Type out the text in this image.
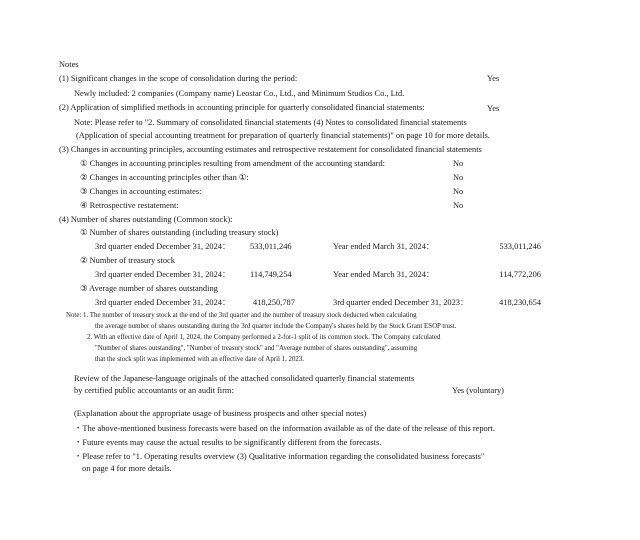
Notes
(1) Significant changes in the scope of consolidation during the period:	Yes
Newly included: 2 companies (Company name) Leostar Co., Ltd., and Minimum Studios Co., Ltd.
(2) Application of simplified methods in accounting principle for quarterly consolidated financial statements:	Yes
Note: Please refer to "2. Summary of consolidated financial statements (4) Notes to consolidated financial statements
(Application of special accounting treatment for preparation of quarterly financial statements)" on page 10 for more details.
(3) Changes in accounting principles, accounting estimates and retrospective restatement for consolidated financial statements
① Changes in accounting principles resulting from amendment of the accounting standard:	No
② Changes in accounting principles other than ①:	No
③ Changes in accounting estimates:	No
④ Retrospective restatement:	No
(4) Number of shares outstanding (Common stock):
① Number of shares outstanding (including treasury stock)
3rd quarter ended December 31, 2024： 533,011,246	Year ended March 31, 2024：	533,011,246
② Number of treasury stock
3rd quarter ended December 31, 2024： 114,749,254	Year ended March 31, 2024：	114,772,206
③ Average number of shares outstanding
3rd quarter ended December 31, 2024：	418,250,787	3rd quarter ended December 31, 2023：	418,230,654
Note: 1. The number of treasury stock at the end of the 3rd quarter and the number of treasury stock deducted when calculating
the average number of shares outstanding during the 3rd quarter include the Company's shares held by the Stock Grant ESOP trust.
2. With an effective date of April 1, 2024, the Company performed a 2-for-1 split of its common stock. The Company calculated
"Number of shares outstanding", "Number of treasury stock" and "Average number of shares outstanding", assuming
that the stock split was implemented with an effective date of April 1, 2023.
Review of the Japanese-language originals of the attached consolidated quarterly financial statements
by certified public accountants or an audit firm:	Yes (voluntary)
(Explanation about the appropriate usage of business prospects and other special notes)
・The above-mentioned business forecasts were based on the information available as of the date of the release of this report.
・Future events may cause the actual results to be significantly different from the forecasts.
・Please refer to "1. Operating results overview (3) Qualitative information regarding the consolidated business forecasts"
on page 4 for more details.
